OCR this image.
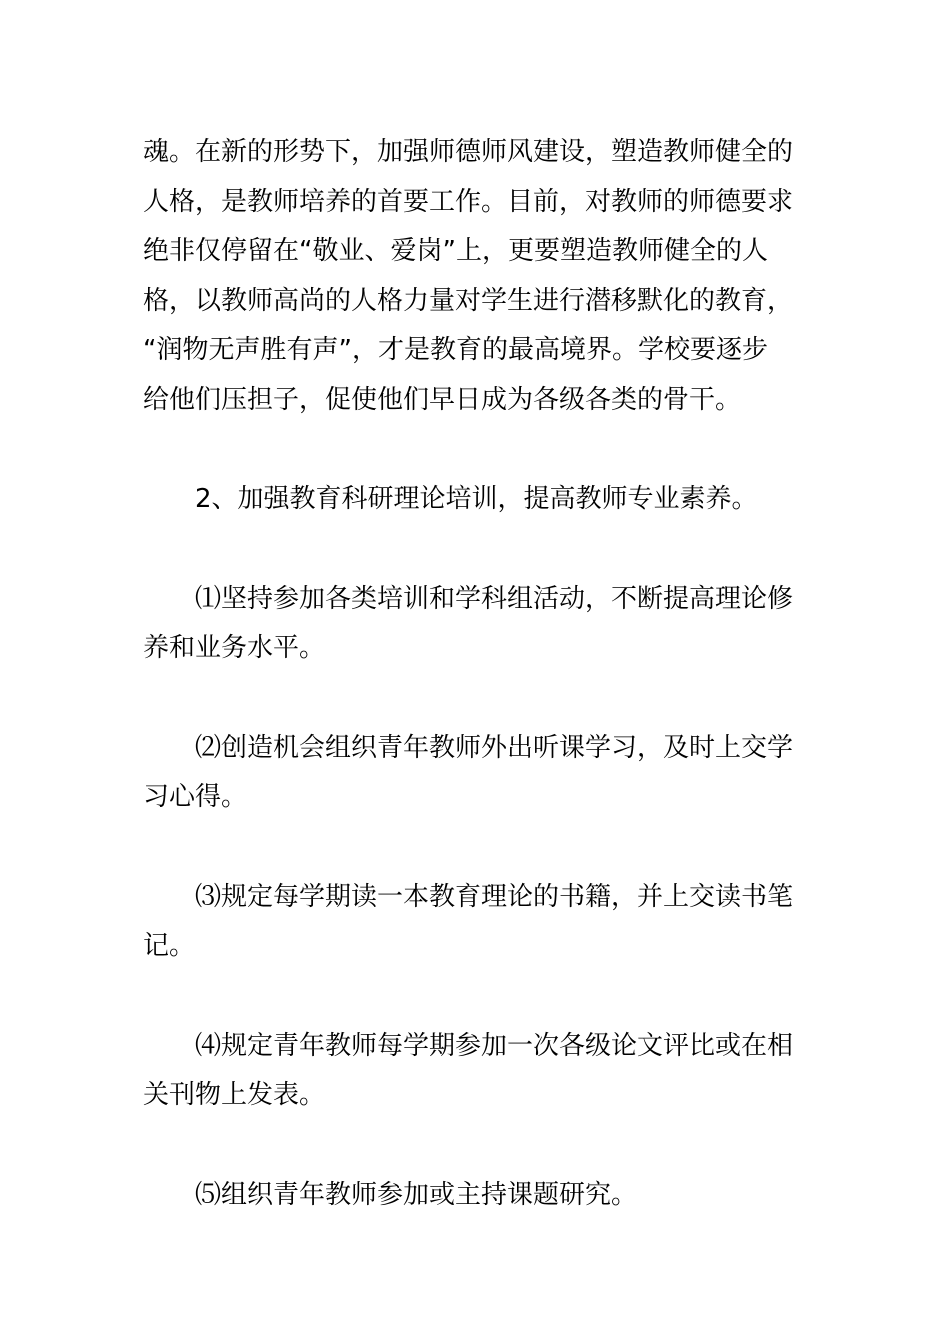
魂。在新的形势下，加强师德师风建设，塑造教师健全的
人格，是教师培养的首要工作。目前，对教师的师德要求
绝非仅停留在“敬业、爱岗”上，更要塑造教师健全的人
格，以教师高尚的人格力量对学生进行潜移默化的教育，
“润物无声胜有声”，才是教育的最高境界。学校要逐步
给他们压担子，促使他们早日成为各级各类的骨干。

2、加强教育科研理论培训，提高教师专业素养。

⑴坚持参加各类培训和学科组活动，不断提高理论修
养和业务水平。

⑵创造机会组织青年教师外出听课学习，及时上交学
习心得。

⑶规定每学期读一本教育理论的书籍，并上交读书笔
记。

⑷规定青年教师每学期参加一次各级论文评比或在相
关刊物上发表。

⑸组织青年教师参加或主持课题研究。
